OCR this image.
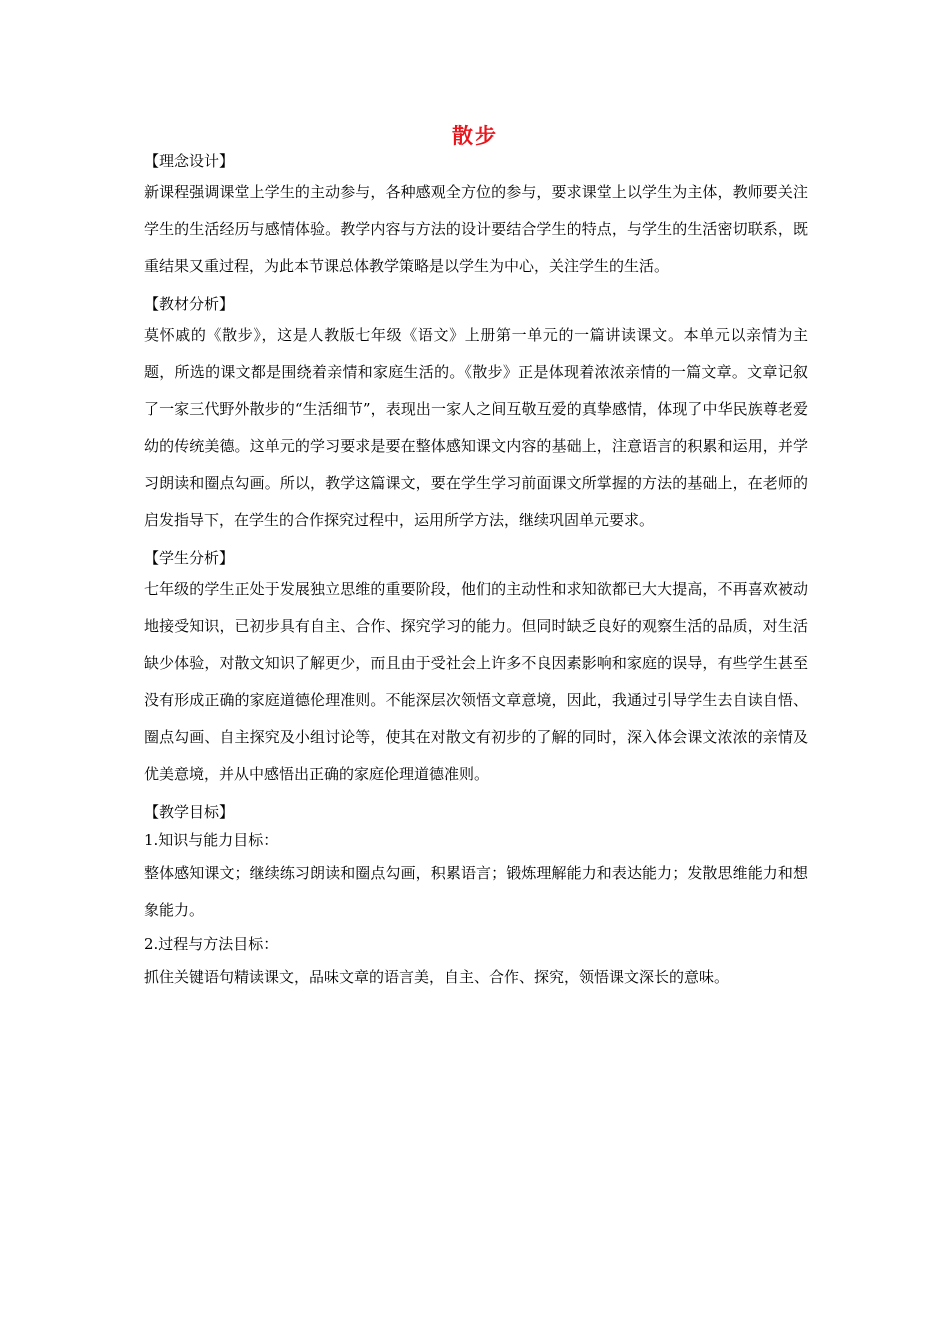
散步

【理念设计】

新课程强调课堂上学生的主动参与，各种感观全方位的参与，要求课堂上以学生为主体，教师要关注学生的生活经历与感情体验。教学内容与方法的设计要结合学生的特点，与学生的生活密切联系，既重结果又重过程，为此本节课总体教学策略是以学生为中心，关注学生的生活。

【教材分析】

莫怀戚的《散步》，这是人教版七年级《语文》上册第一单元的一篇讲读课文。本单元以亲情为主题，所选的课文都是围绕着亲情和家庭生活的。《散步》正是体现着浓浓亲情的一篇文章。文章记叙了一家三代野外散步的“生活细节”，表现出一家人之间互敬互爱的真挚感情，体现了中华民族尊老爱幼的传统美德。这单元的学习要求是要在整体感知课文内容的基础上，注意语言的积累和运用，并学习朗读和圈点勾画。所以，教学这篇课文，要在学生学习前面课文所掌握的方法的基础上，在老师的启发指导下，在学生的合作探究过程中，运用所学方法，继续巩固单元要求。

【学生分析】

七年级的学生正处于发展独立思维的重要阶段，他们的主动性和求知欲都已大大提高，不再喜欢被动地接受知识，已初步具有自主、合作、探究学习的能力。但同时缺乏良好的观察生活的品质，对生活缺少体验，对散文知识了解更少，而且由于受社会上许多不良因素影响和家庭的误导，有些学生甚至没有形成正确的家庭道德伦理准则。不能深层次领悟文章意境，因此，我通过引导学生去自读自悟、圈点勾画、自主探究及小组讨论等，使其在对散文有初步的了解的同时，深入体会课文浓浓的亲情及优美意境，并从中感悟出正确的家庭伦理道德准则。

【教学目标】

1.知识与能力目标：

整体感知课文；继续练习朗读和圈点勾画，积累语言；锻炼理解能力和表达能力；发散思维能力和想象能力。

2.过程与方法目标：

抓住关键语句精读课文，品味文章的语言美，自主、合作、探究，领悟课文深长的意味。
